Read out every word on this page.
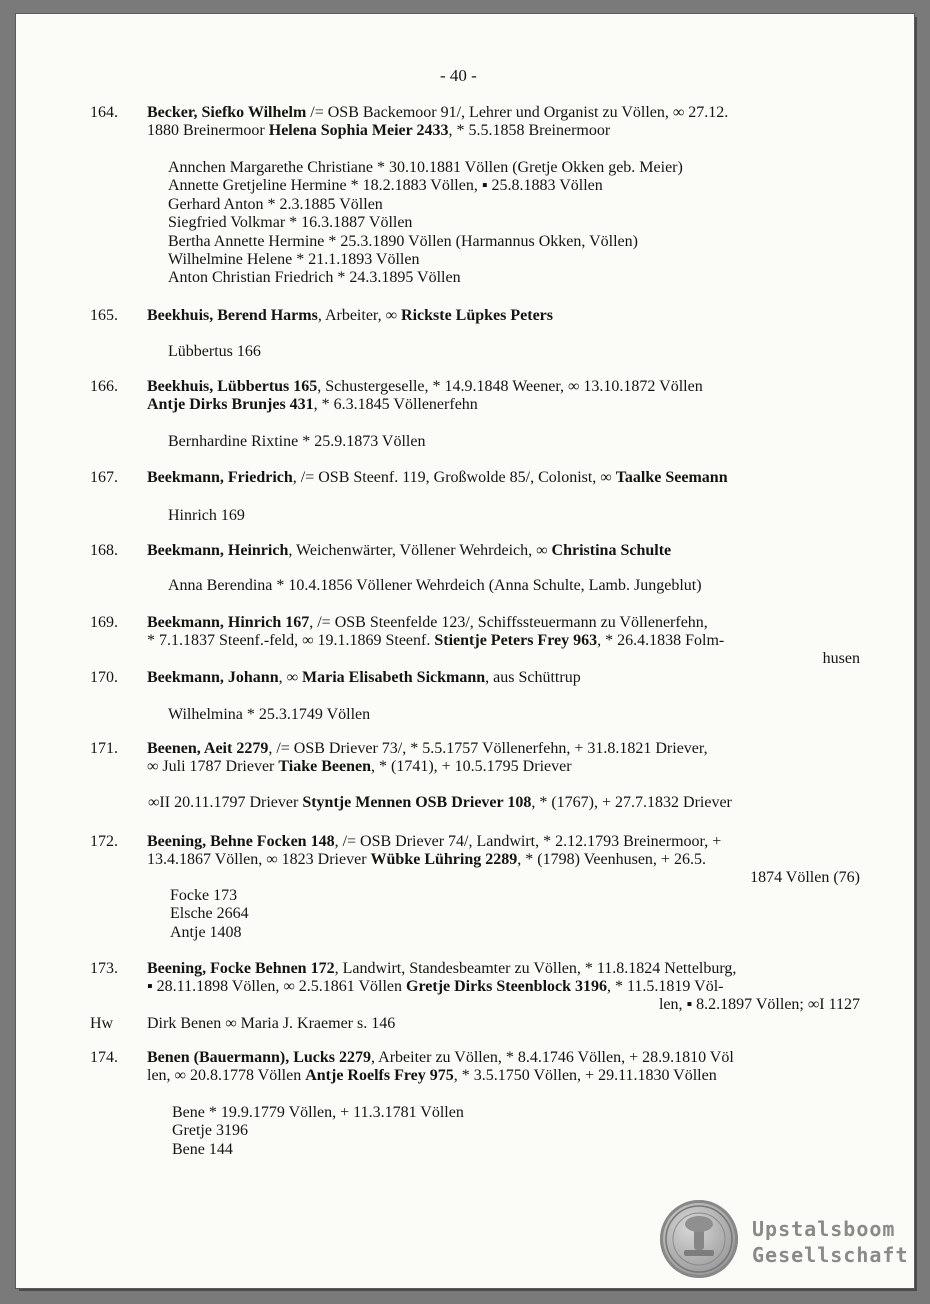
- 40 -
164.	Becker, Siefko Wilhelm /= OSB Backemoor 91/, Lehrer und Organist zu Völlen, ∞ 27.12.
1880 Breinermoor Helena Sophia Meier 2433, * 5.5.1858 Breinermoor
Annchen Margarethe Christiane * 30.10.1881 Völlen (Gretje Okken geb. Meier)
Annette Gretjeline Hermine * 18.2.1883 Völlen, ▪ 25.8.1883 Völlen
Gerhard Anton * 2.3.1885 Völlen
Siegfried Volkmar * 16.3.1887 Völlen
Bertha Annette Hermine * 25.3.1890 Völlen (Harmannus Okken, Völlen)
Wilhelmine Helene * 21.1.1893 Völlen
Anton Christian Friedrich * 24.3.1895 Völlen
165.	Beekhuis, Berend Harms, Arbeiter, ∞ Rickste Lüpkes Peters
Lübbertus 166
166.	Beekhuis, Lübbertus 165, Schustergeselle, * 14.9.1848 Weener, ∞ 13.10.1872 Völlen
Antje Dirks Brunjes 431, * 6.3.1845 Völlenerfehn
Bernhardine Rixtine * 25.9.1873 Völlen
167.	Beekmann, Friedrich, /= OSB Steenf. 119, Großwolde 85/, Colonist, ∞ Taalke Seemann
Hinrich 169
168.	Beekmann, Heinrich, Weichenwärter, Völlener Wehrdeich, ∞ Christina Schulte
Anna Berendina * 10.4.1856 Völlener Wehrdeich (Anna Schulte, Lamb. Jungeblut)
169.	Beekmann, Hinrich 167, /= OSB Steenfelde 123/, Schiffssteuermann zu Völlenerfehn,
* 7.1.1837 Steenf.-feld, ∞ 19.1.1869 Steenf. Stientje Peters Frey 963, * 26.4.1838 Folm-
husen
170.	Beekmann, Johann, ∞ Maria Elisabeth Sickmann, aus Schüttrup
Wilhelmina * 25.3.1749 Völlen
171.	Beenen, Aeit 2279, /= OSB Driever 73/, * 5.5.1757 Völlenerfehn, + 31.8.1821 Driever,
∞ Juli 1787 Driever Tiake Beenen, * (1741), + 10.5.1795 Driever
∞II 20.11.1797 Driever Styntje Mennen OSB Driever 108, * (1767), + 27.7.1832 Driever
172.	Beening, Behne Focken 148, /= OSB Driever 74/, Landwirt, * 2.12.1793 Breinermoor, +
13.4.1867 Völlen, ∞ 1823 Driever Wübke Lühring 2289, * (1798) Veenhusen, + 26.5.
1874 Völlen (76)
Focke 173
Elsche 2664
Antje 1408
173.	Beening, Focke Behnen 172, Landwirt, Standesbeamter zu Völlen, * 11.8.1824 Nettelburg,
▪ 28.11.1898 Völlen, ∞ 2.5.1861 Völlen Gretje Dirks Steenblock 3196, * 11.5.1819 Völ-
len, ▪ 8.2.1897 Völlen; ∞I 1127
Hw	Dirk Benen ∞ Maria J. Kraemer s. 146
174.	Benen (Bauermann), Lucks 2279, Arbeiter zu Völlen, * 8.4.1746 Völlen, + 28.9.1810 Völ
len, ∞ 20.8.1778 Völlen Antje Roelfs Frey 975, * 3.5.1750 Völlen, + 29.11.1830 Völlen
Bene * 19.9.1779 Völlen, + 11.3.1781 Völlen
Gretje 3196
Bene 144
Upstalsboom
Gesellschaft
